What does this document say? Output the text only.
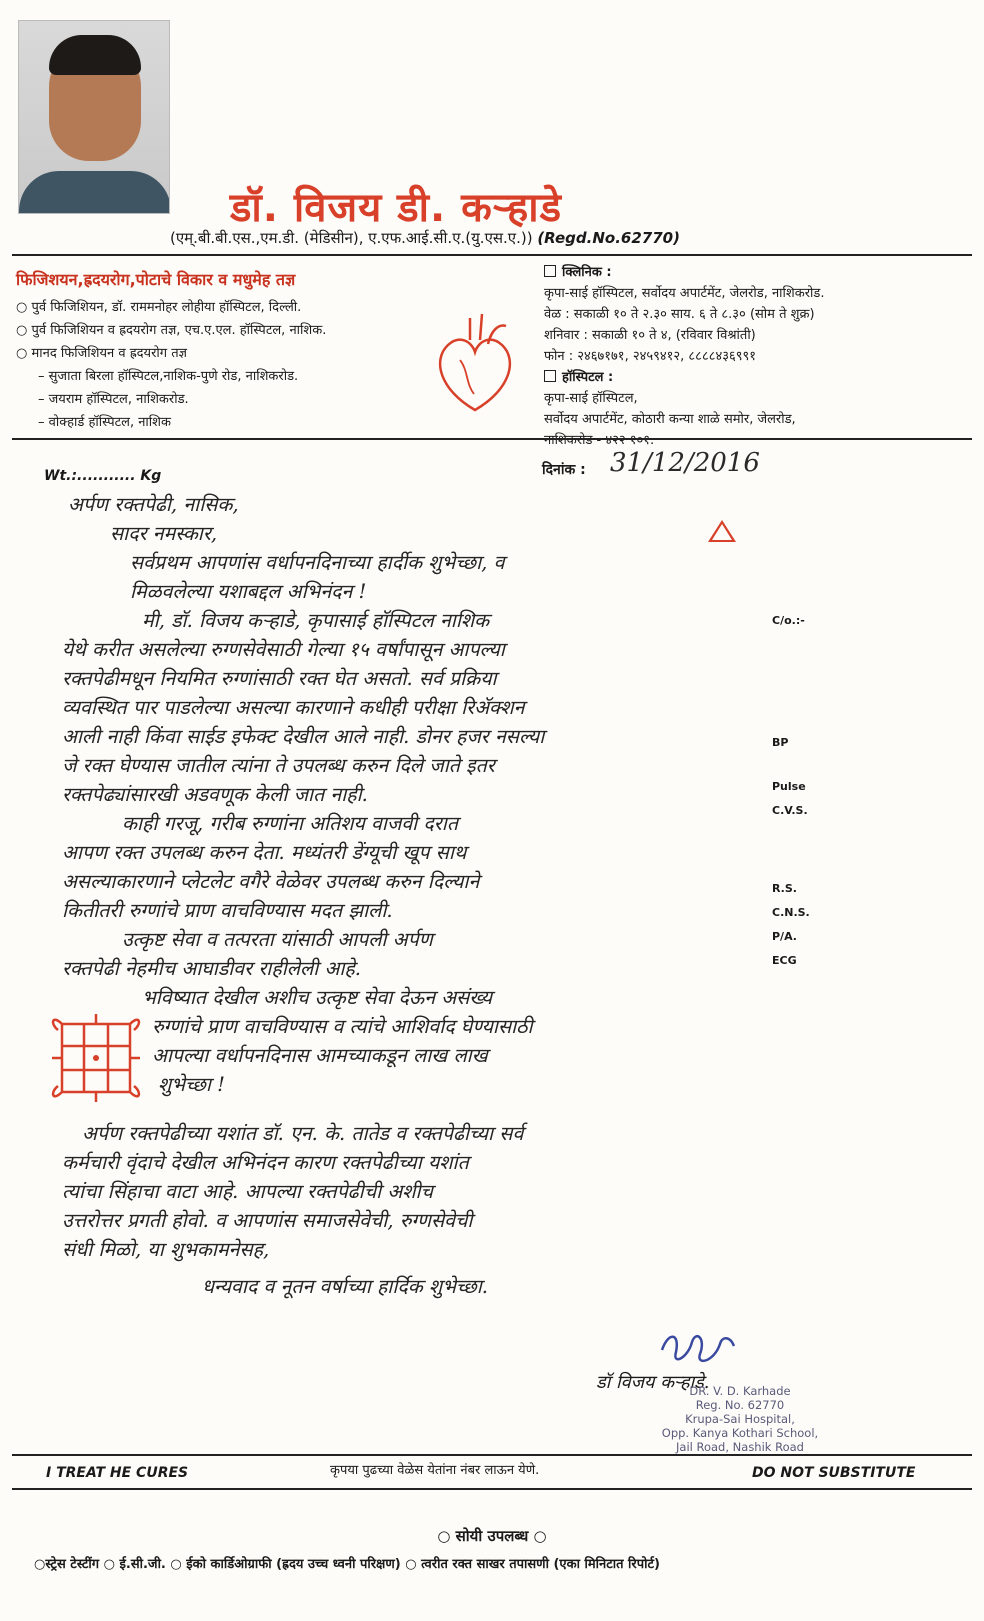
डॉ. विजय डी. कऱ्हाडे
(एम्.बी.बी.एस.,एम.डी. (मेडिसीन), ए.एफ.आई.सी.ए.(यु.एस.ए.)) (Regd.No.62770)
फिजिशयन,ह्रदयरोग,पोटाचे विकार व मधुमेह तज्ञ
○ पुर्व फिजिशियन, डॉ. राममनोहर लोहीया हॉस्पिटल, दिल्ली.
○ पुर्व फिजिशियन व ह्रदयरोग तज्ञ, एच.ए.एल. हॉस्पिटल, नाशिक.
○ मानद फिजिशियन व ह्रदयरोग तज्ञ
– सुजाता बिरला हॉस्पिटल,नाशिक-पुणे रोड, नाशिकरोड.
– जयराम हॉस्पिटल, नाशिकरोड.
– वोक्हार्ड हॉस्पिटल, नाशिक
क्लिनिक :
कृपा-साई हॉस्पिटल, सर्वोदय अपार्टमेंट, जेलरोड, नाशिकरोड.
वेळ : सकाळी १० ते २.३० साय. ६ ते ८.३० (सोम ते शुक्र)
शनिवार : सकाळी १० ते ४, (रविवार विश्रांती)
फोन : २४६७१७१, २४५९४१२, ८८८८४३६९९१
हॉस्पिटल :
कृपा-साई हॉस्पिटल,
सर्वोदय अपार्टमेंट, कोठारी कन्या शाळे समोर, जेलरोड,
नाशिकरोड - ४२२ १०१.
Wt.:........... Kg	दिनांक : 31/12/2016
अर्पण रक्तपेढी, नासिक,
सादर नमस्कार,
सर्वप्रथम आपणांस वर्धापनदिनाच्या हार्दीक शुभेच्छा, व
मिळवलेल्या यशाबद्दल अभिनंदन !
मी, डॉ. विजय कऱ्हाडे, कृपासाई हॉस्पिटल नाशिक
येथे करीत असलेल्या रुग्णसेवेसाठी गेल्या १५ वर्षांपासून आपल्या
रक्तपेढीमधून नियमित रुग्णांसाठी रक्त घेत असतो. सर्व प्रक्रिया
व्यवस्थित पार पाडलेल्या असल्या कारणाने कधीही परीक्षा रिॲक्शन
आली नाही किंवा साईड इफेक्ट देखील आले नाही. डोनर हजर नसल्या
जे रक्त घेण्यास जातील त्यांना ते उपलब्ध करुन दिले जाते इतर
रक्तपेढ्यांसारखी अडवणूक केली जात नाही.
काही गरजू, गरीब रुग्णांना अतिशय वाजवी दरात
आपण रक्त उपलब्ध करुन देता. मध्यंतरी डेंग्यूची खूप साथ
असल्याकारणाने प्लेटलेट वगैरे वेळेवर उपलब्ध करुन दिल्याने
कितीतरी रुग्णांचे प्राण वाचविण्यास मदत झाली.
उत्कृष्ट सेवा व तत्परता यांसाठी आपली अर्पण
रक्तपेढी नेहमीच आघाडीवर राहीलेली आहे.
भविष्यात देखील अशीच उत्कृष्ट सेवा देऊन असंख्य
रुग्णांचे प्राण वाचविण्यास व त्यांचे आशिर्वाद घेण्यासाठी
आपल्या वर्धापनदिनास आमच्याकडून लाख लाख
शुभेच्छा !
अर्पण रक्तपेढीच्या यशांत डॉ. एन. के. तातेड व रक्तपेढीच्या सर्व
कर्मचारी वृंदाचे देखील अभिनंदन कारण रक्तपेढीच्या यशांत
त्यांचा सिंहाचा वाटा आहे. आपल्या रक्तपेढीची अशीच
उत्तरोत्तर प्रगती होवो. व आपणांस समाजसेवेची, रुग्णसेवेची
संधी मिळो, या शुभकामनेसह,
धन्यवाद व नूतन वर्षाच्या हार्दिक शुभेच्छा.
C/o.:-
BP
Pulse
C.V.S.
R.S.
C.N.S.
P/A.
ECG
डॉ विजय कऱ्हाडे.
DR. V. D. Karhade
Reg. No. 62770
Krupa-Sai Hospital,
Opp. Kanya Kothari School,
Jail Road, Nashik Road
I TREAT HE CURES	कृपया पुढच्या वेळेस येतांना नंबर लाऊन येणे.	DO NOT SUBSTITUTE
○ सोयी उपलब्ध ○
○स्ट्रेस टेस्टींग ○ ई.सी.जी. ○ ईको कार्डिओग्राफी (ह्रदय उच्च ध्वनी परिक्षण) ○ त्वरीत रक्त साखर तपासणी (एका मिनिटात रिपोर्ट)
